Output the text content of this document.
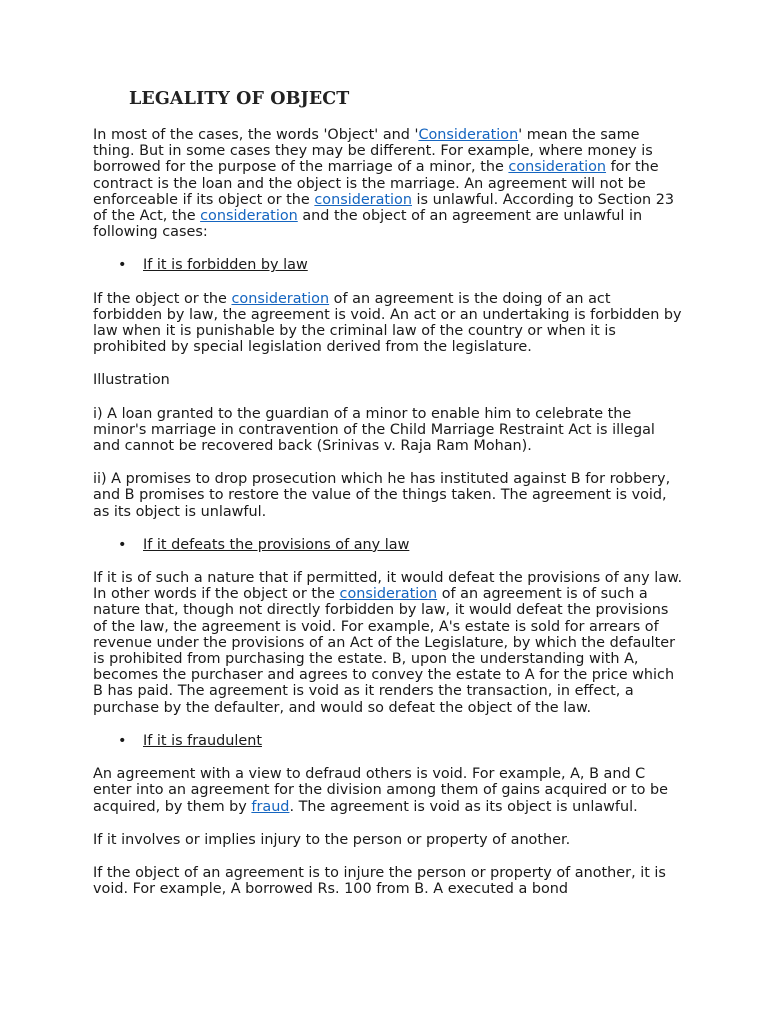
LEGALITY OF OBJECT

In most of the cases, the words 'Object' and 'Consideration' mean the same thing. But in some cases they may be different. For example, where money is borrowed for the purpose of the marriage of a minor, the consideration for the contract is the loan and the object is the marriage. An agreement will not be enforceable if its object or the consideration is unlawful. According to Section 23 of the Act, the consideration and the object of an agreement are unlawful in following cases:

• If it is forbidden by law

If the object or the consideration of an agreement is the doing of an act forbidden by law, the agreement is void. An act or an undertaking is forbidden by law when it is punishable by the criminal law of the country or when it is prohibited by special legislation derived from the legislature.

Illustration

i) A loan granted to the guardian of a minor to enable him to celebrate the minor's marriage in contravention of the Child Marriage Restraint Act is illegal and cannot be recovered back (Srinivas v. Raja Ram Mohan).

ii) A promises to drop prosecution which he has instituted against B for robbery, and B promises to restore the value of the things taken. The agreement is void, as its object is unlawful.

• If it defeats the provisions of any law

If it is of such a nature that if permitted, it would defeat the provisions of any law. In other words if the object or the consideration of an agreement is of such a nature that, though not directly forbidden by law, it would defeat the provisions of the law, the agreement is void. For example, A's estate is sold for arrears of revenue under the provisions of an Act of the Legislature, by which the defaulter is prohibited from purchasing the estate. B, upon the understanding with A, becomes the purchaser and agrees to convey the estate to A for the price which B has paid. The agreement is void as it renders the transaction, in effect, a purchase by the defaulter, and would so defeat the object of the law.

• If it is fraudulent

An agreement with a view to defraud others is void. For example, A, B and C enter into an agreement for the division among them of gains acquired or to be acquired, by them by fraud. The agreement is void as its object is unlawful.

If it involves or implies injury to the person or property of another.

If the object of an agreement is to injure the person or property of another, it is void. For example, A borrowed Rs. 100 from B. A executed a bond
